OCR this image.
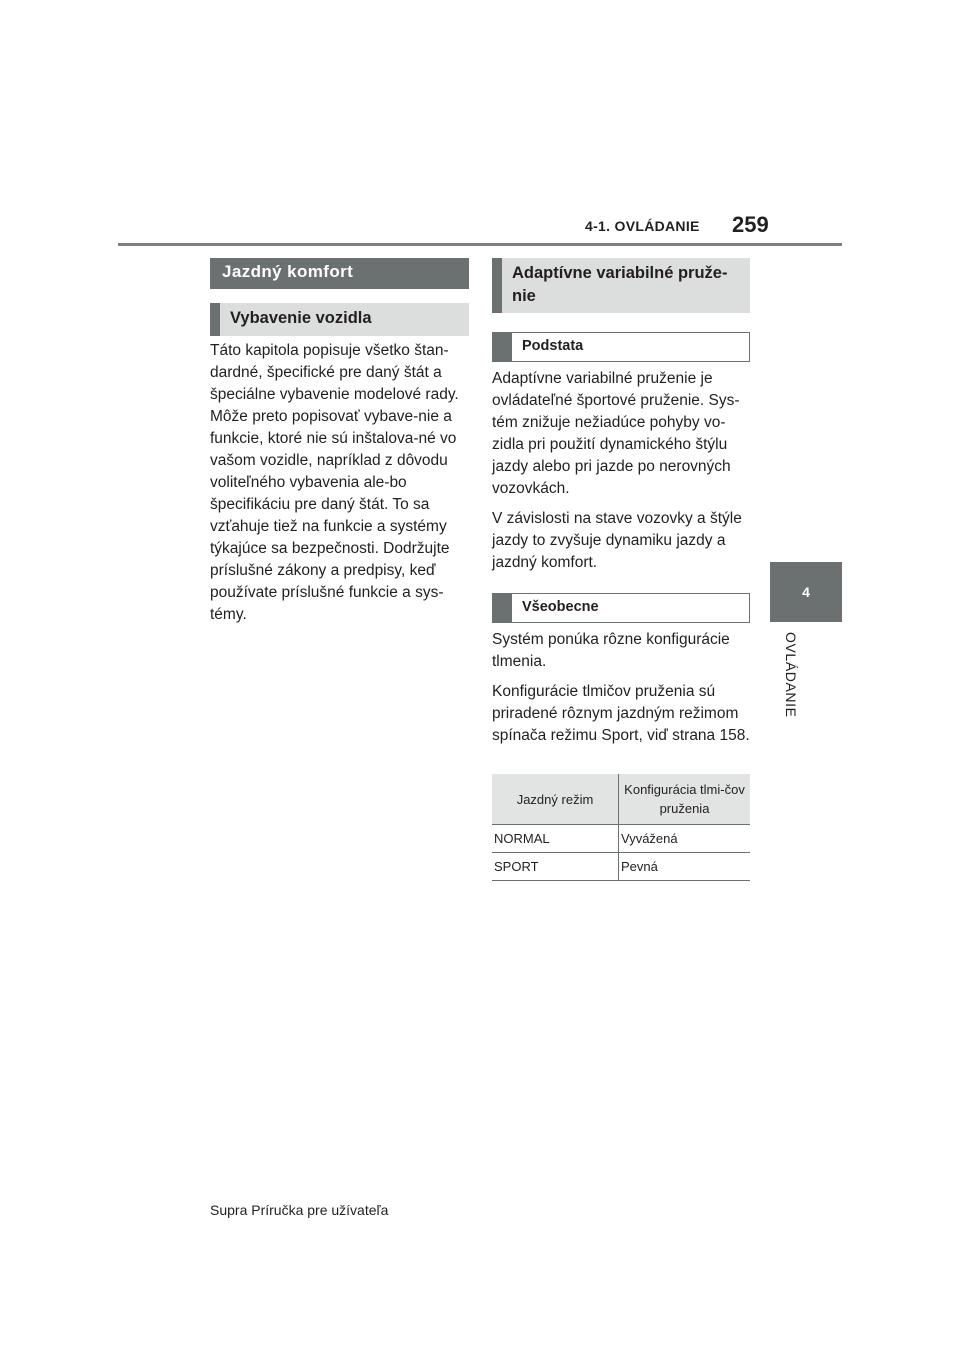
4-1. OVLÁDANIE 259
4
OVLÁDANIE
Jazdný komfort
Vybavenie vozidla

Táto kapitola popisuje všetko štan-dardné, špecifické pre daný štát a špeciálne vybavenie modelové rady. Môže preto popisovať vybave-nie a funkcie, ktoré nie sú inštalova-né vo vašom vozidle, napríklad z dôvodu voliteľného vybavenia ale-bo špecifikáciu pre daný štát. To sa vzťahuje tiež na funkcie a systémy týkajúce sa bezpečnosti. Dodržujte príslušné zákony a predpisy, keď používate príslušné funkcie a sys-témy.

Adaptívne variabilné pruže-nie
Podstata

Adaptívne variabilné pruženie je ovládateľné športové pruženie. Sys-tém znižuje nežiadúce pohyby vo-zidla pri použití dynamického štýlu jazdy alebo pri jazde po nerovných vozovkách.

V závislosti na stave vozovky a štýle jazdy to zvyšuje dynamiku jazdy a jazdný komfort.

Všeobecne

Systém ponúka rôzne konfigurácie tlmenia.

Konfigurácie tlmičov pruženia sú priradené rôznym jazdným režimom spínača režimu Sport, viď strana 158.

Jazdný režim	Konfigurácia tlmi-čov pruženia
NORMAL	Vyvážená
SPORT	Pevná
Supra Príručka pre užívateľa
